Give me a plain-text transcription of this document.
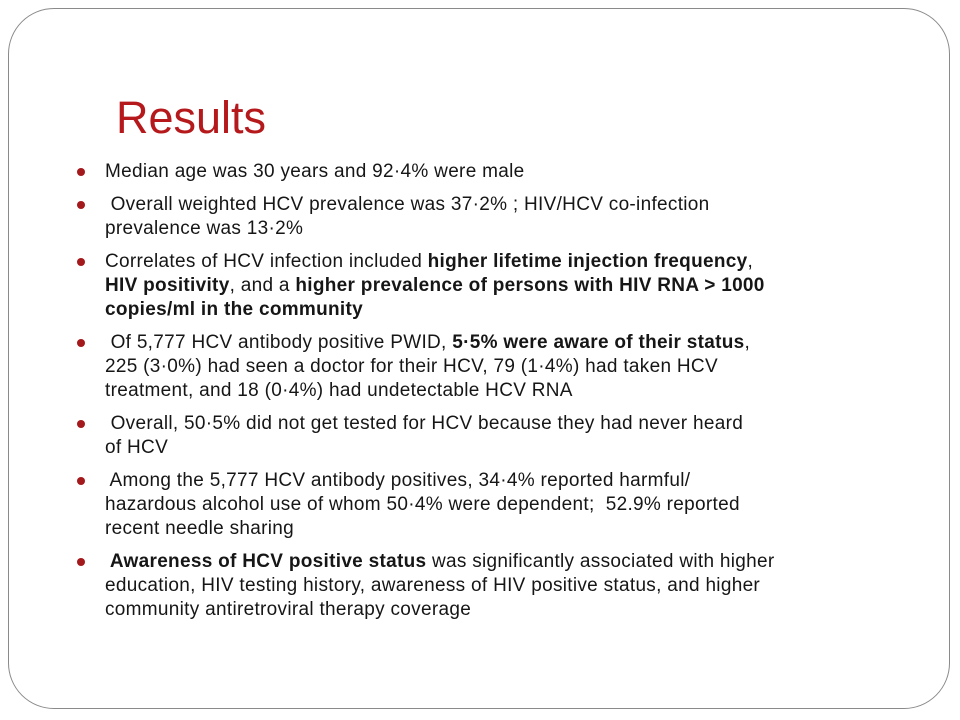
Results
Median age was 30 years and 92·4% were male
Overall weighted HCV prevalence was 37·2% ; HIV/HCV co-infection
prevalence was 13·2%
Correlates of HCV infection included higher lifetime injection frequency,
HIV positivity, and a higher prevalence of persons with HIV RNA > 1000
copies/ml in the community
Of 5,777 HCV antibody positive PWID, 5·5% were aware of their status,
225 (3·0%) had seen a doctor for their HCV, 79 (1·4%) had taken HCV
treatment, and 18 (0·4%) had undetectable HCV RNA
Overall, 50·5% did not get tested for HCV because they had never heard
of HCV
Among the 5,777 HCV antibody positives, 34·4% reported harmful/
hazardous alcohol use of whom 50·4% were dependent;  52.9% reported
recent needle sharing
Awareness of HCV positive status was significantly associated with higher
education, HIV testing history, awareness of HIV positive status, and higher
community antiretroviral therapy coverage
